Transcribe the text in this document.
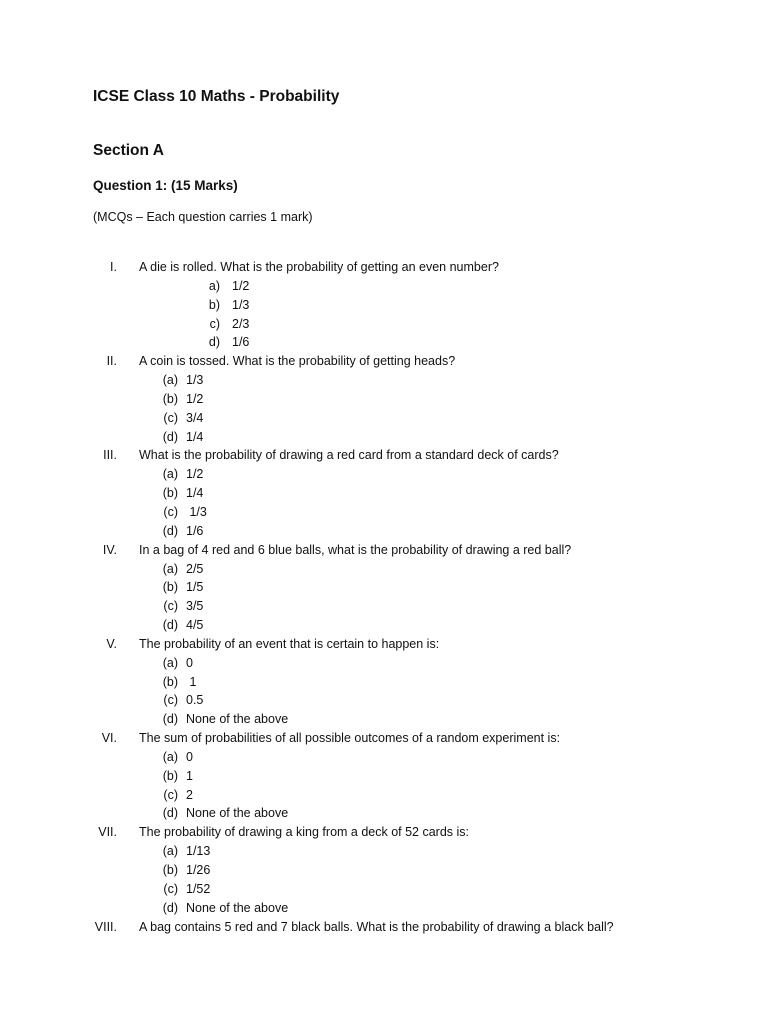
ICSE Class 10 Maths - Probability
Section A
Question 1: (15 Marks)

(MCQs – Each question carries 1 mark)

I. A die is rolled. What is the probability of getting an even number?
a) 1/2
b) 1/3
c) 2/3
d) 1/6
II. A coin is tossed. What is the probability of getting heads?
(a) 1/3
(b) 1/2
(c) 3/4
(d) 1/4
III. What is the probability of drawing a red card from a standard deck of cards?
(a) 1/2
(b) 1/4
(c) 1/3
(d) 1/6
IV. In a bag of 4 red and 6 blue balls, what is the probability of drawing a red ball?
(a) 2/5
(b) 1/5
(c) 3/5
(d) 4/5
V. The probability of an event that is certain to happen is:
(a) 0
(b) 1
(c) 0.5
(d) None of the above
VI. The sum of probabilities of all possible outcomes of a random experiment is:
(a) 0
(b) 1
(c) 2
(d) None of the above
VII. The probability of drawing a king from a deck of 52 cards is:
(a) 1/13
(b) 1/26
(c) 1/52
(d) None of the above
VIII. A bag contains 5 red and 7 black balls. What is the probability of drawing a black ball?
